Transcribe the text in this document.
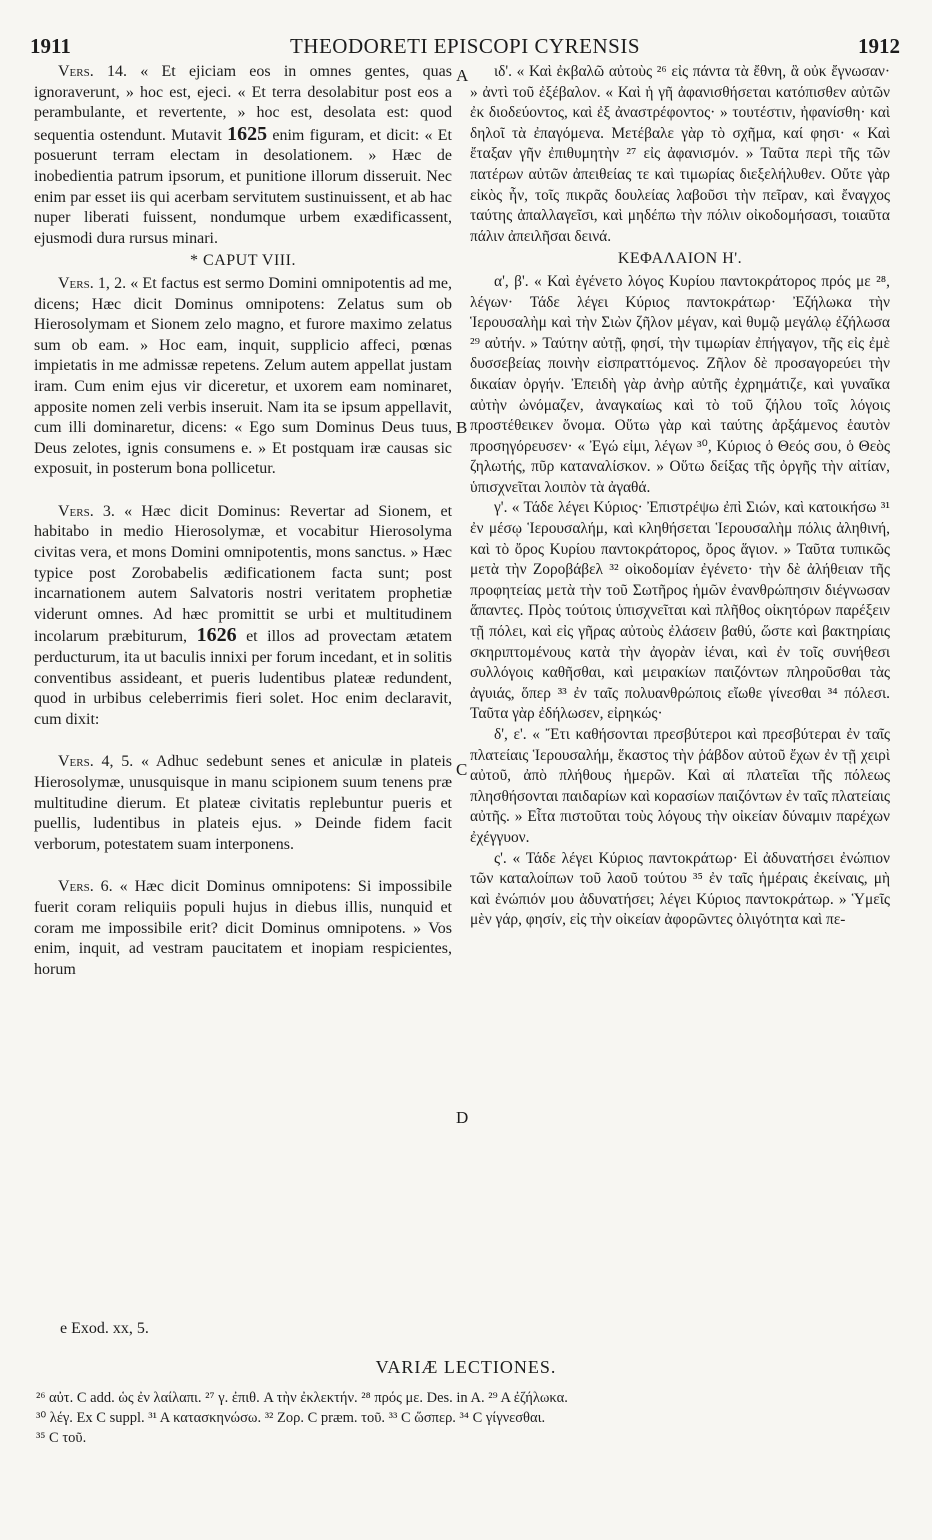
1911	THEODORETI EPISCOPI CYRENSIS	1912
A
B
C
D

Vers. 14. « Et ejiciam eos in omnes gentes, quas ignoraverunt, » hoc est, ejeci. « Et terra desolabitur post eos a perambulante, et revertente, » hoc est, desolata est: quod sequentia ostendunt. Mutavit 1625 enim figuram, et dicit: « Et posuerunt terram electam in desolationem. » Hæc de inobedientia patrum ipsorum, et punitione illorum disseruit. Nec enim par esset iis qui acerbam servitutem sustinuissent, et ab hac nuper liberati fuissent, nondumque urbem exædificassent, ejusmodi dura rursus minari.

* CAPUT VIII.

Vers. 1, 2. « Et factus est sermo Domini omnipotentis ad me, dicens; Hæc dicit Dominus omnipotens: Zelatus sum ob Hierosolymam et Sionem zelo magno, et furore maximo zelatus sum ob eam. » Hoc eam, inquit, supplicio affeci, pœnas impietatis in me admissæ repetens. Zelum autem appellat justam iram. Cum enim ejus vir diceretur, et uxorem eam nominaret, apposite nomen zeli verbis inseruit. Nam ita se ipsum appellavit, cum illi dominaretur, dicens: « Ego sum Dominus Deus tuus, Deus zelotes, ignis consumens e. » Et postquam iræ causas sic exposuit, in posterum bona pollicetur.

Vers. 3. « Hæc dicit Dominus: Revertar ad Sionem, et habitabo in medio Hierosolymæ, et vocabitur Hierosolyma civitas vera, et mons Domini omnipotentis, mons sanctus. » Hæc typice post Zorobabelis ædificationem facta sunt; post incarnationem autem Salvatoris nostri veritatem prophetiæ viderunt omnes. Ad hæc promittit se urbi et multitudinem incolarum præbiturum, 1626 et illos ad provectam ætatem perducturum, ita ut baculis innixi per forum incedant, et in solitis conventibus assideant, et pueris ludentibus plateæ redundent, quod in urbibus celeberrimis fieri solet. Hoc enim declaravit, cum dixit:

Vers. 4, 5. « Adhuc sedebunt senes et aniculæ in plateis Hierosolymæ, unusquisque in manu scipionem suum tenens præ multitudine dierum. Et plateæ civitatis replebuntur pueris et puellis, ludentibus in plateis ejus. » Deinde fidem facit verborum, potestatem suam interponens.

Vers. 6. « Hæc dicit Dominus omnipotens: Si impossibile fuerit coram reliquiis populi hujus in diebus illis, nunquid et coram me impossibile erit? dicit Dominus omnipotens. » Vos enim, inquit, ad vestram paucitatem et inopiam respicientes, horum

ιδ'. « Καὶ ἐκβαλῶ αὐτοὺς ²⁶ εἰς πάντα τὰ ἔθνη, ἃ οὐκ ἔγνωσαν· » ἀντὶ τοῦ ἐξέβαλον. « Καὶ ἡ γῆ ἀφανισθήσεται κατόπισθεν αὐτῶν ἐκ διοδεύοντος, καὶ ἐξ ἀναστρέφοντος· » τουτέστιν, ἠφανίσθη· καὶ δηλοῖ τὰ ἐπαγόμενα. Μετέβαλε γὰρ τὸ σχῆμα, καί φησι· « Καὶ ἔταξαν γῆν ἐπιθυμητὴν ²⁷ εἰς ἀφανισμόν. » Ταῦτα περὶ τῆς τῶν πατέρων αὐτῶν ἀπειθείας τε καὶ τιμωρίας διεξελήλυθεν. Οὔτε γὰρ εἰκὸς ἦν, τοῖς πικρᾶς δουλείας λαβοῦσι τὴν πεῖραν, καὶ ἔναγχος ταύτης ἀπαλλαγεῖσι, καὶ μηδέπω τὴν πόλιν οἰκοδομήσασι, τοιαῦτα πάλιν ἀπειλῆσαι δεινά.

ΚΕΦΑΛΑΙΟΝ Η'.

α', β'. « Καὶ ἐγένετο λόγος Κυρίου παντοκράτορος πρός με ²⁸, λέγων· Τάδε λέγει Κύριος παντοκράτωρ· Ἐζήλωκα τὴν Ἱερουσαλὴμ καὶ τὴν Σιὼν ζῆλον μέγαν, καὶ θυμῷ μεγάλῳ ἐζήλωσα ²⁹ αὐτήν. » Ταύτην αὐτῇ, φησί, τὴν τιμωρίαν ἐπήγαγον, τῆς εἰς ἐμὲ δυσσεβείας ποινὴν εἰσπραττόμενος. Ζῆλον δὲ προσαγορεύει τὴν δικαίαν ὀργήν. Ἐπειδὴ γὰρ ἀνὴρ αὐτῆς ἐχρημάτιζε, καὶ γυναῖκα αὐτὴν ὠνόμαζεν, ἀναγκαίως καὶ τὸ τοῦ ζήλου τοῖς λόγοις προστέθεικεν ὄνομα. Οὕτω γὰρ καὶ ταύτης ἀρξάμενος ἑαυτὸν προσηγόρευσεν· « Ἐγώ εἰμι, λέγων ³⁰, Κύριος ὁ Θεός σου, ὁ Θεὸς ζηλωτής, πῦρ καταναλίσκον. » Οὕτω δείξας τῆς ὀργῆς τὴν αἰτίαν, ὑπισχνεῖται λοιπὸν τὰ ἀγαθά.

γ'. « Τάδε λέγει Κύριος· Ἐπιστρέψω ἐπὶ Σιών, καὶ κατοικήσω ³¹ ἐν μέσῳ Ἱερουσαλήμ, καὶ κληθήσεται Ἱερουσαλὴμ πόλις ἀληθινή, καὶ τὸ ὄρος Κυρίου παντοκράτορος, ὄρος ἅγιον. » Ταῦτα τυπικῶς μετὰ τὴν Ζοροβάβελ ³² οἰκοδομίαν ἐγένετο· τὴν δὲ ἀλήθειαν τῆς προφητείας μετὰ τὴν τοῦ Σωτῆρος ἡμῶν ἐνανθρώπησιν διέγνωσαν ἅπαντες. Πρὸς τούτοις ὑπισχνεῖται καὶ πλῆθος οἰκητόρων παρέξειν τῇ πόλει, καὶ εἰς γῆρας αὐτοὺς ἐλάσειν βαθύ, ὥστε καὶ βακτηρίαις σκηριπτομένους κατὰ τὴν ἀγορὰν ἰέναι, καὶ ἐν τοῖς συνήθεσι συλλόγοις καθῆσθαι, καὶ μειρακίων παιζόντων πληροῦσθαι τὰς ἀγυιάς, ὅπερ ³³ ἐν ταῖς πολυανθρώποις εἴωθε γίνεσθαι ³⁴ πόλεσι. Ταῦτα γὰρ ἐδήλωσεν, εἰρηκώς·

δ', ε'. « Ἔτι καθήσονται πρεσβύτεροι καὶ πρεσβύτεραι ἐν ταῖς πλατείαις Ἱερουσαλήμ, ἕκαστος τὴν ῥάβδον αὐτοῦ ἔχων ἐν τῇ χειρὶ αὐτοῦ, ἀπὸ πλήθους ἡμερῶν. Καὶ αἱ πλατεῖαι τῆς πόλεως πλησθήσονται παιδαρίων καὶ κορασίων παιζόντων ἐν ταῖς πλατείαις αὐτῆς. » Εἶτα πιστοῦται τοὺς λόγους τὴν οἰκείαν δύναμιν παρέχων ἐχέγγυον.

ς'. « Τάδε λέγει Κύριος παντοκράτωρ· Εἰ ἀδυνατήσει ἐνώπιον τῶν καταλοίπων τοῦ λαοῦ τούτου ³⁵ ἐν ταῖς ἡμέραις ἐκείναις, μὴ καὶ ἐνώπιόν μου ἀδυνατήσει; λέγει Κύριος παντοκράτωρ. » Ὑμεῖς μὲν γάρ, φησίν, εἰς τὴν οἰκείαν ἀφορῶντες ὀλιγότητα καὶ πε-

e Exod. xx, 5.
VARIÆ LECTIONES.

²⁶ αὐτ. C add. ὡς ἐν λαίλαπι. ²⁷ γ. ἐπιθ. A τὴν ἐκλεκτήν. ²⁸ πρός με. Des. in A. ²⁹ A ἐζήλωκα.

³⁰ λέγ. Ex C suppl. ³¹ A κατασκηνώσω. ³² Ζορ. C præm. τοῦ. ³³ C ὥσπερ. ³⁴ C γίγνεσθαι.

³⁵ C τοῦ.
